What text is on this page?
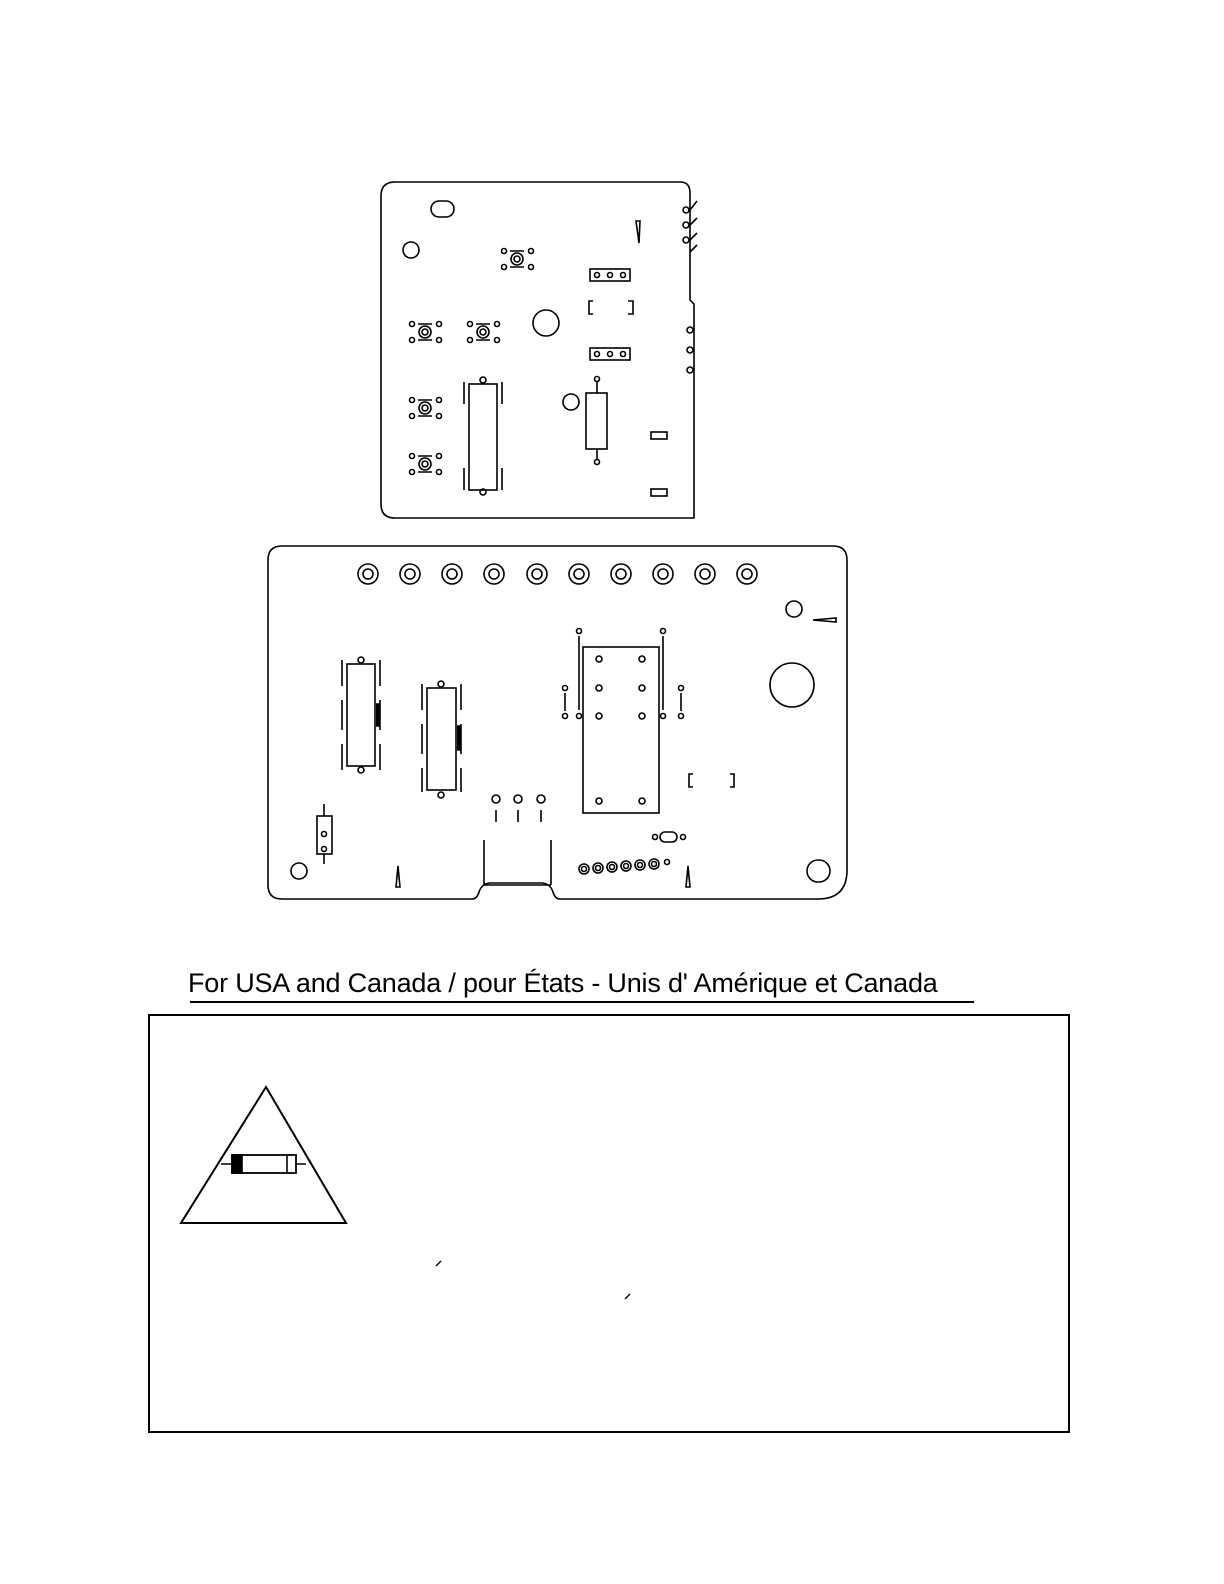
For USA and Canada / pour États - Unis d' Amérique et Canada
